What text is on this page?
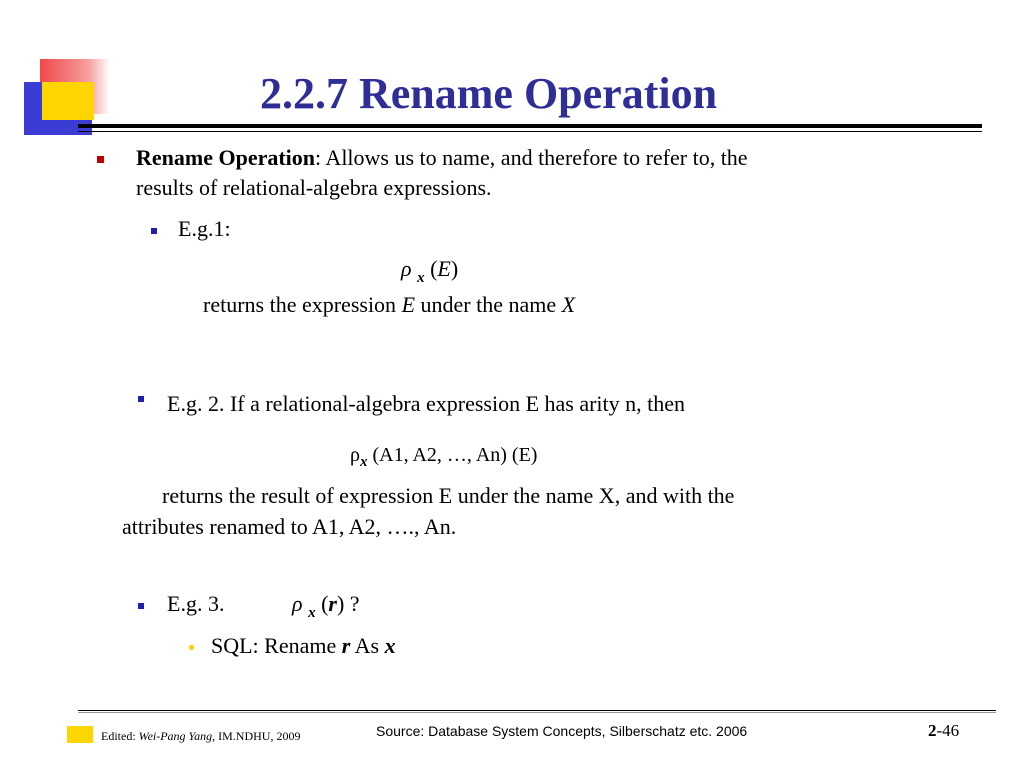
2.2.7 Rename Operation
Rename Operation: Allows us to name, and therefore to refer to, the
results of relational-algebra expressions.
E.g.1:
ρ $_x$ (E)
returns the expression E under the name X
E.g. 2. If a relational-algebra expression E has arity n, then
$\rho_x$ (A1, A2, …, An) (E)
returns the result of expression E under the name X, and with the
attributes renamed to A1, A2, …., An.
E.g. 3.	ρ $_x$ (r) ?
SQL: Rename r As x
Edited: Wei-Pang Yang, IM.NDHU, 2009	Source: Database System Concepts, Silberschatz etc. 2006	2-46
